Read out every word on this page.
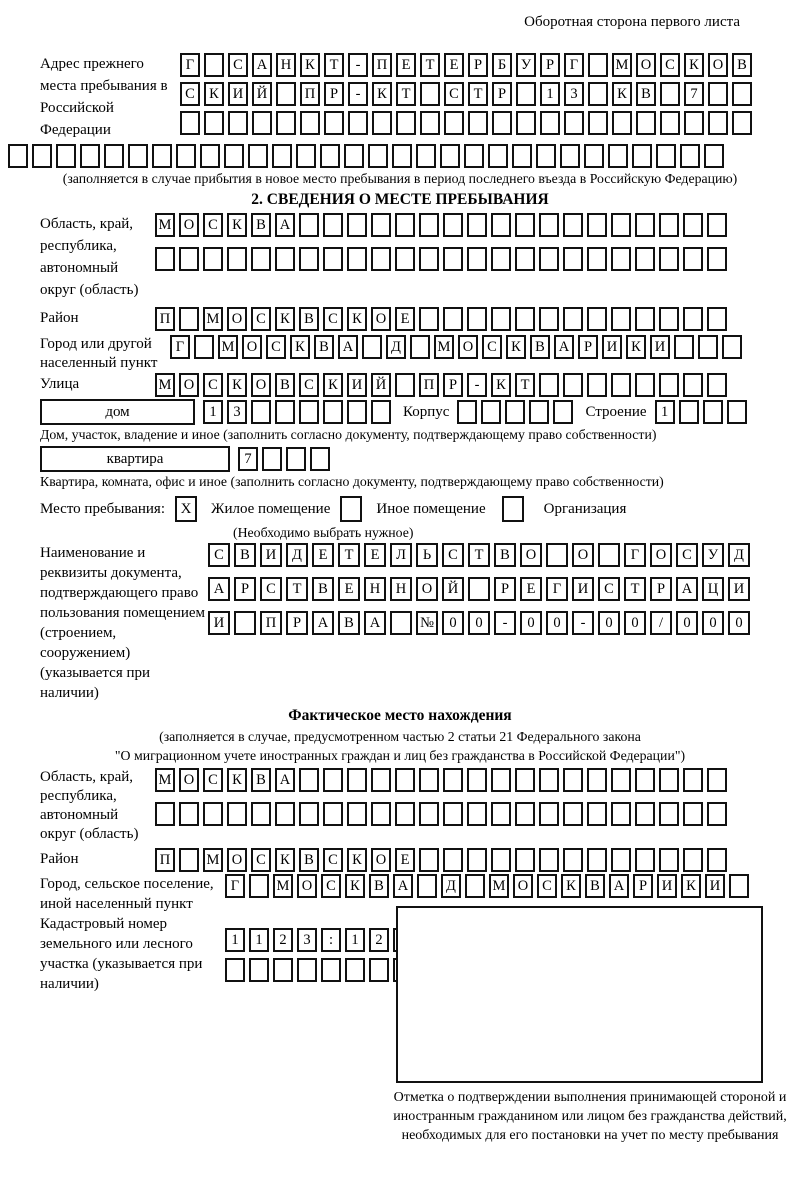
Оборотная сторона первого листа
Адрес прежнего места пребывания в Российской Федерации
Г	С А Н К	Т	-	П Е	Т	Е	Р	Б	У	Р	Г	М О С К О В
С К И Й	П	Р	-	К	Т	С	Т	Р	1	3	К В	7
(заполняется в случае прибытия в новое место пребывания в период последнего въезда в Российскую Федерацию)
2. СВЕДЕНИЯ О МЕСТЕ ПРЕБЫВАНИЯ
Область, край, республика, автономный округ (область)
М О С К В А
Район	П	М О С К В С К О Е
Город или другой населенный пункт
Г	М О С К В А	Д	М О С К В А	Р	И К И
Улица	М О С К О В С К И Й	П	Р	-	К	Т
дом	1	3	Корпус	Строение 1
Дом, участок, владение и иное (заполнить согласно документу, подтверждающему право собственности)
квартира	7
Квартира, комната, офис и иное (заполнить согласно документу, подтверждающему право собственности)
Место пребывания:	X	Жилое помещение	Иное помещение	Организация
(Необходимо выбрать нужное)
Наименование и реквизиты документа, подтверждающего право пользования помещением (строением, сооружением) (указывается при наличии)
С	В	И	Д	Е	Т	Е	Л	Ь	С	Т	В	О	О	Г	О	С	У	Д
А	Р	С	Т	В	Е	Н	Н	О	Й	Р	Е	Г	И	С	Т	Р	А	Ц	И
И	П	Р	А	В	А	№	0	0	-	0	0	-	0	0	/	0	0	0
Фактическое место нахождения
(заполняется в случае, предусмотренном частью 2 статьи 21 Федерального закона
"О миграционном учете иностранных граждан и лиц без гражданства в Российской Федерации")
Область, край, республика, автономный округ (область)
М О С К В А
Район	П	М О С К В С К О Е
Город, сельское поселение, иной населенный пункт
Г	М О С К В А	Д	М О С К В А	Р	И К И
Кадастровый номер земельного или лесного участка (указывается при наличии)
1	1	2	3	:	1	2
Отметка о подтверждении выполнения принимающей стороной и иностранным гражданином или лицом без гражданства действий, необходимых для его постановки на учет по месту пребывания
